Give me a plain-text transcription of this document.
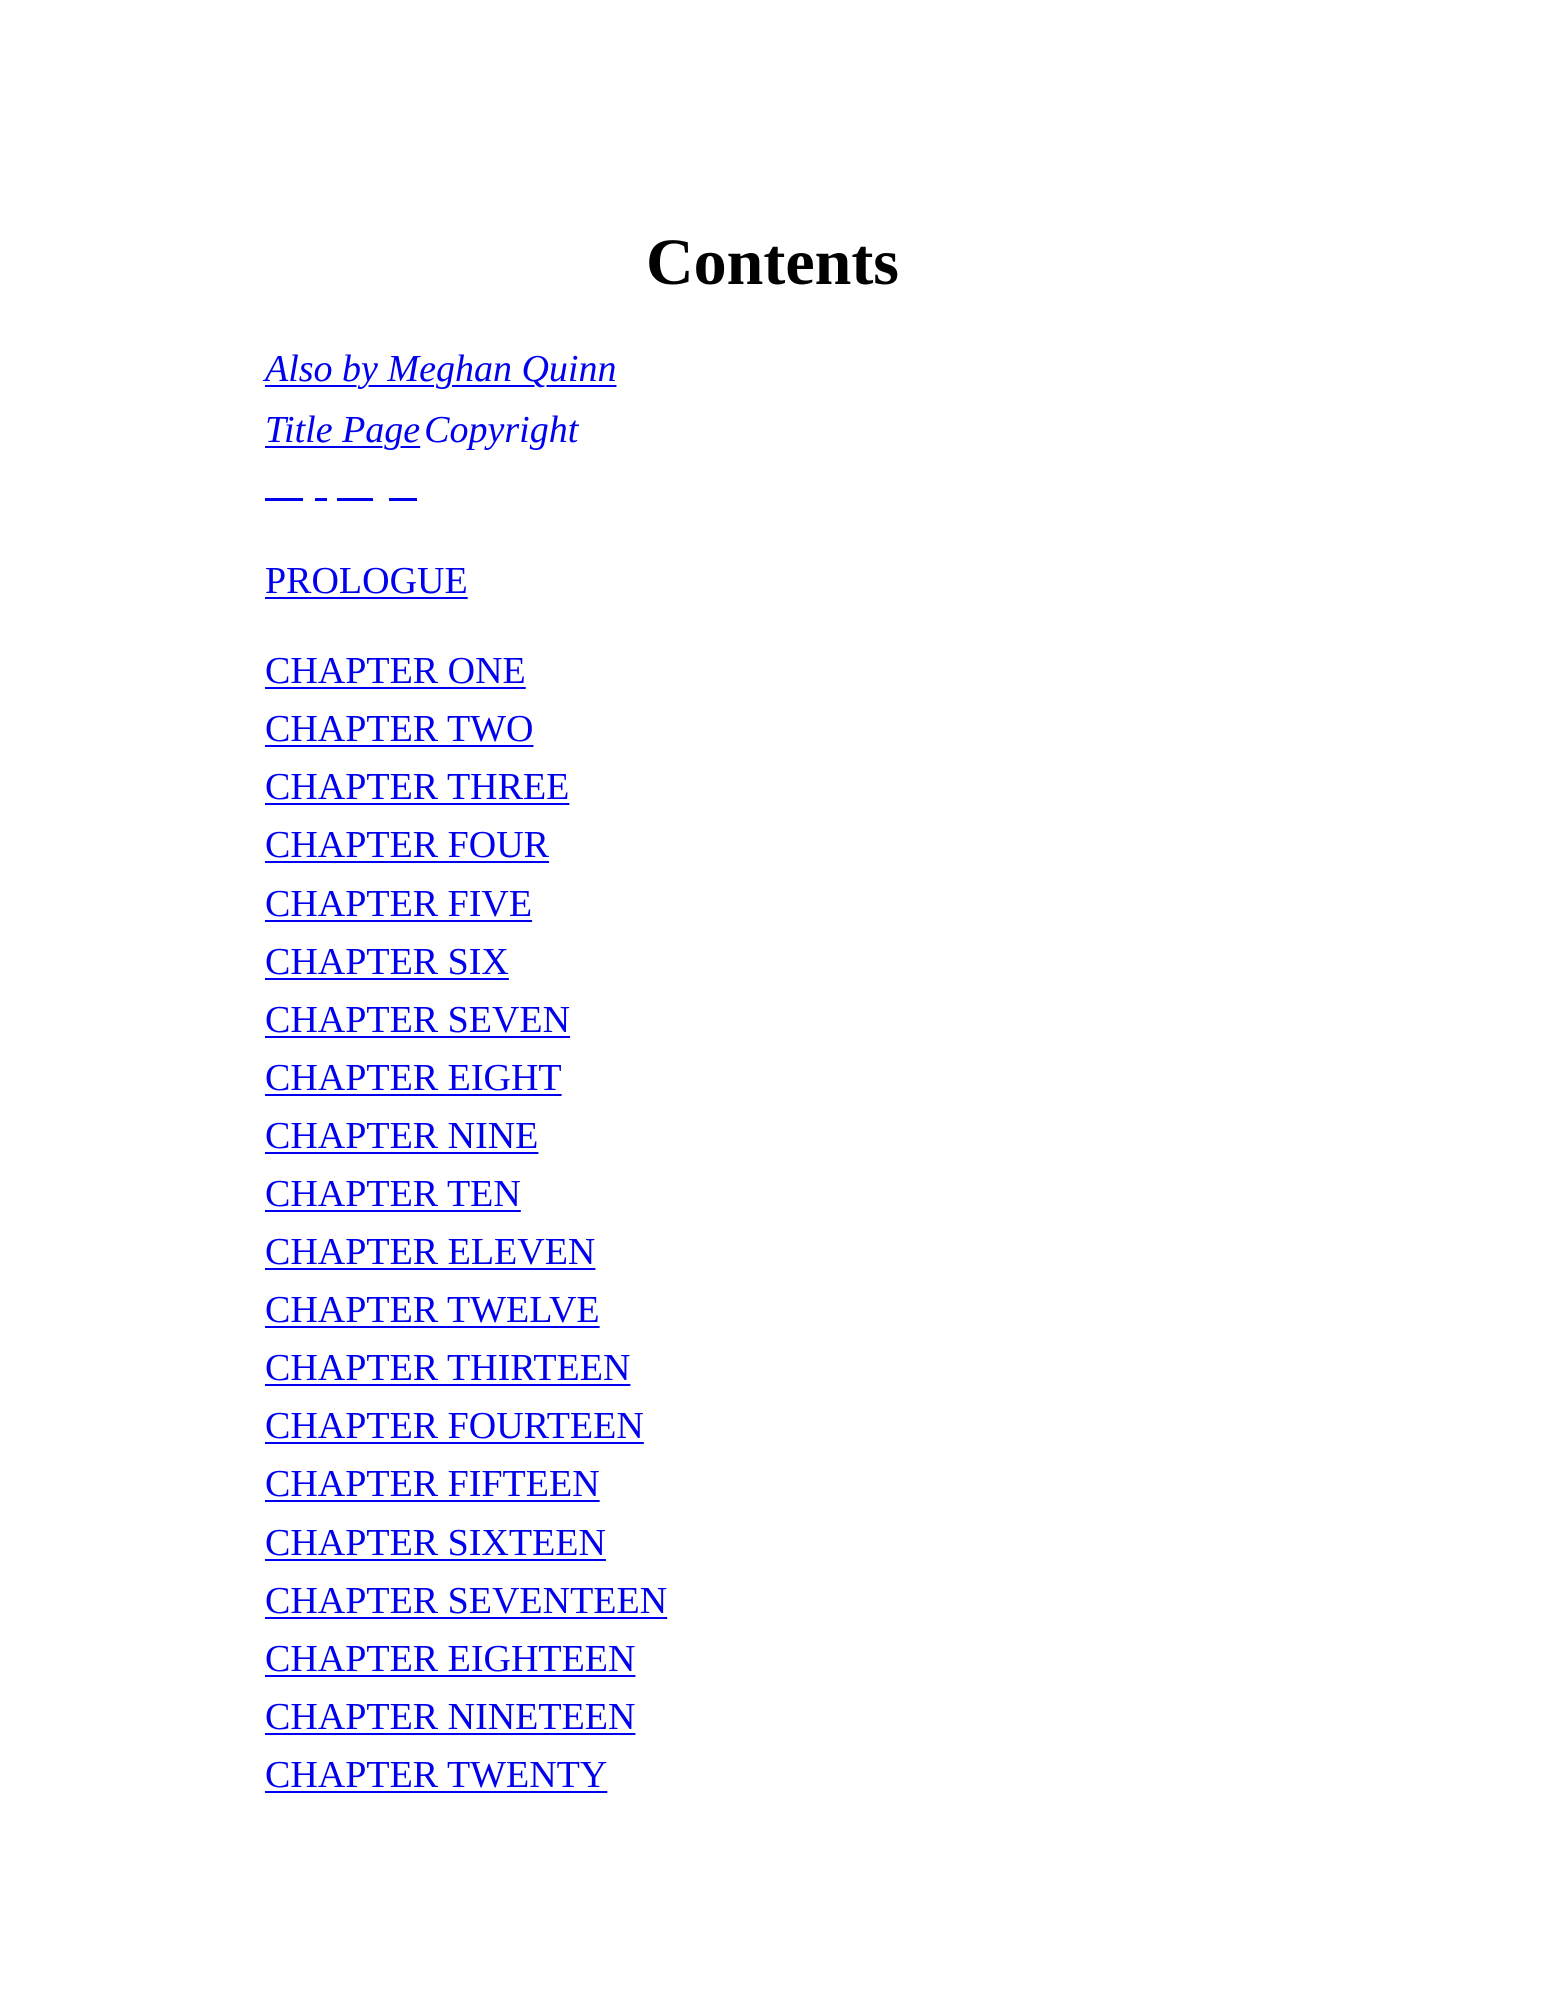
Contents
Also by Meghan Quinn
Title Page Copyright
PROLOGUE
CHAPTER ONE
CHAPTER TWO
CHAPTER THREE
CHAPTER FOUR
CHAPTER FIVE
CHAPTER SIX
CHAPTER SEVEN
CHAPTER EIGHT
CHAPTER NINE
CHAPTER TEN
CHAPTER ELEVEN
CHAPTER TWELVE
CHAPTER THIRTEEN
CHAPTER FOURTEEN
CHAPTER FIFTEEN
CHAPTER SIXTEEN
CHAPTER SEVENTEEN
CHAPTER EIGHTEEN
CHAPTER NINETEEN
CHAPTER TWENTY
